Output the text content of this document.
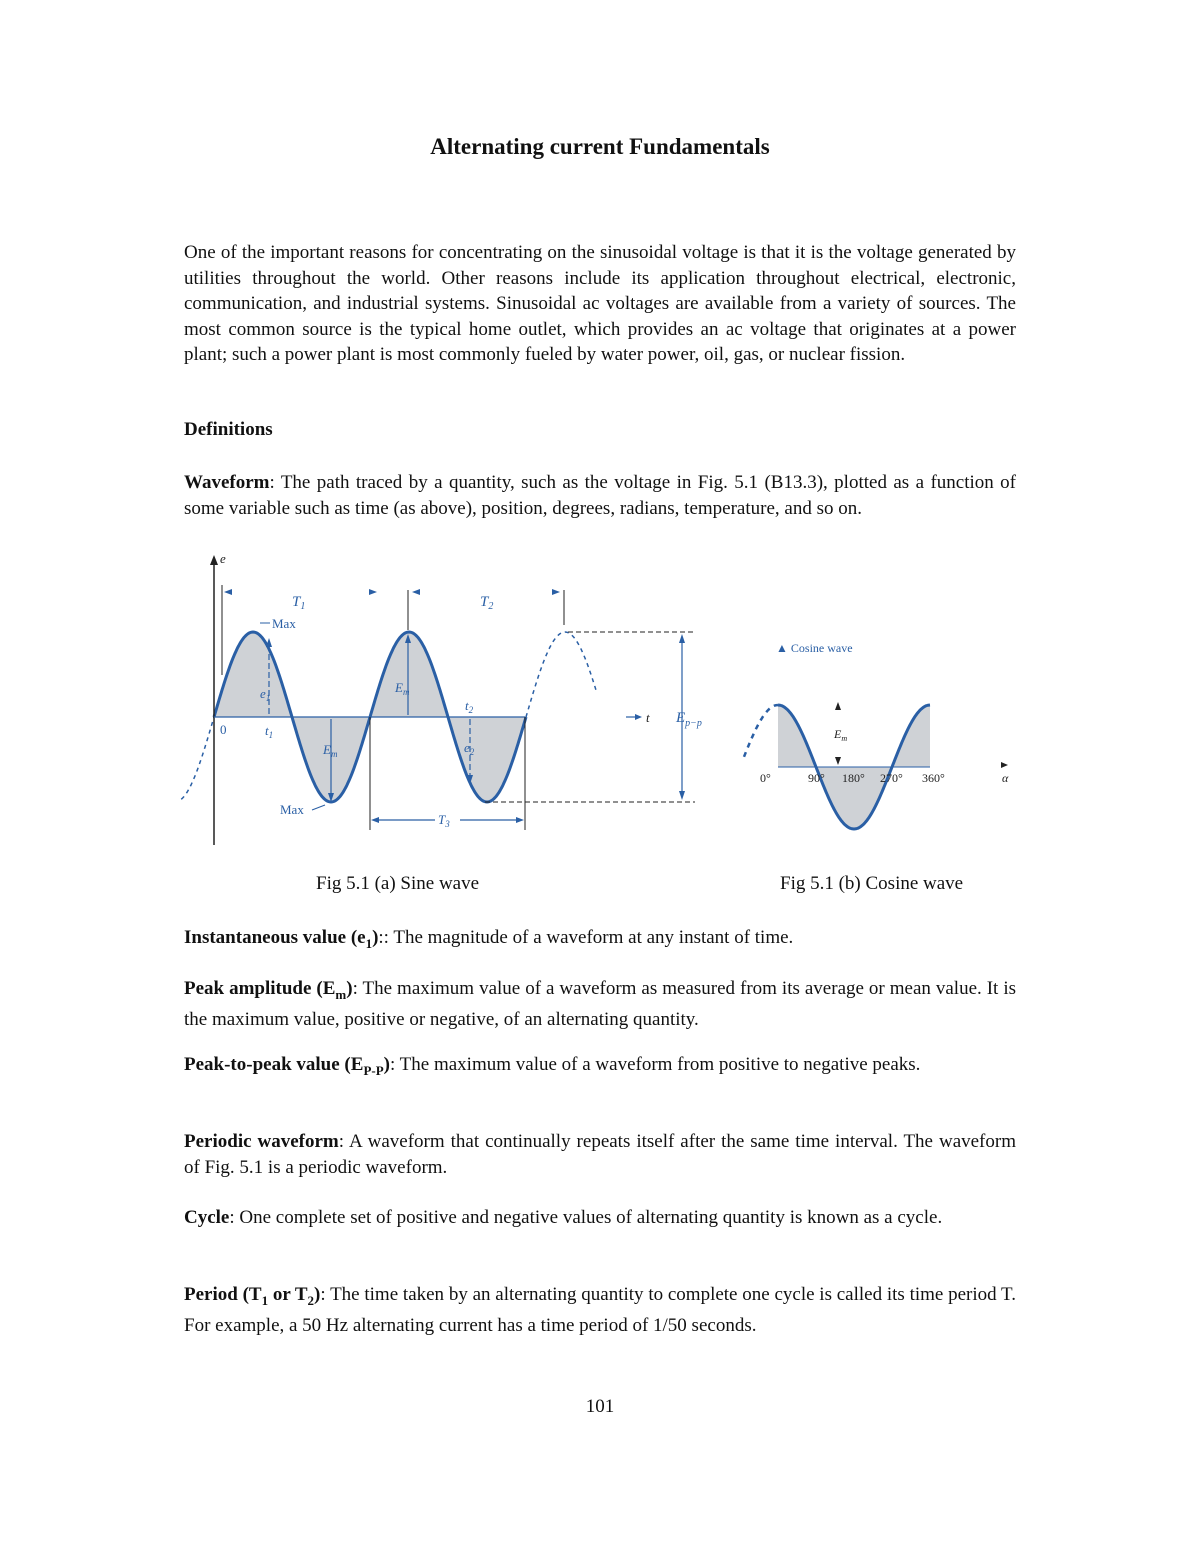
Alternating current Fundamentals
One of the important reasons for concentrating on the sinusoidal voltage is that it is the voltage generated by utilities throughout the world. Other reasons include its application throughout electrical, electronic, communication, and industrial systems. Sinusoidal ac voltages are available from a variety of sources. The most common source is the typical home outlet, which provides an ac voltage that originates at a power plant; such a power plant is most commonly fueled by water power, oil, gas, or nuclear fission.
Definitions
Waveform: The path traced by a quantity, such as the voltage in Fig. 5.1 (B13.3), plotted as a function of some variable such as time (as above), position, degrees, radians, temperature, and so on.
e
t
0
$T_1$	$T_2$
Max
Max
$e_1$
$t_1$
$E_m$
$E_m$
$t_2$
$e_2$
$T_3$
$E_{p-p}$
▲ Cosine wave
$E_m$
0°	90° 180° 270° 360°	α
Fig 5.1 (a) Sine wave	Fig 5.1 (b) Cosine wave
Instantaneous value $(e_1)$:: The magnitude of a waveform at any instant of time.
Peak amplitude $(E_m)$: The maximum value of a waveform as measured from its average or mean value. It is the maximum value, positive or negative, of an alternating quantity.
Peak-to-peak value $(E_{P-P})$: The maximum value of a waveform from positive to negative peaks.
Periodic waveform: A waveform that continually repeats itself after the same time interval. The waveform of Fig. 5.1 is a periodic waveform.
Cycle: One complete set of positive and negative values of alternating quantity is known as a cycle.
Period ($T_1$ or $T_2$): The time taken by an alternating quantity to complete one cycle is called its time period T. For example, a 50 Hz alternating current has a time period of 1/50 seconds.
101
